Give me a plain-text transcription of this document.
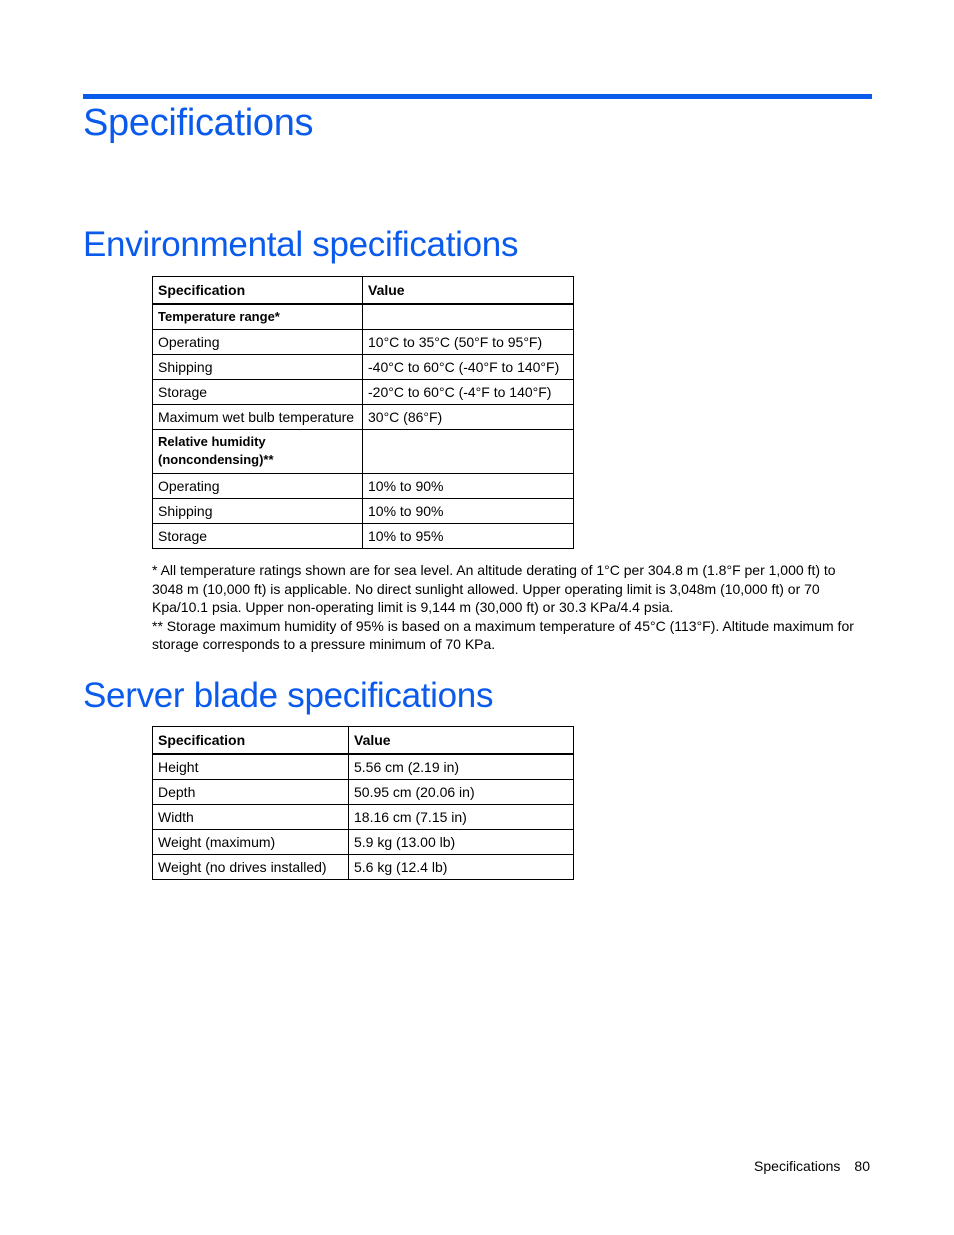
Specifications
Environmental specifications
Specification	Value
Temperature range*	
Operating	10°C to 35°C (50°F to 95°F)
Shipping	-40°C to 60°C (-40°F to 140°F)
Storage	-20°C to 60°C (-4°F to 140°F)
Maximum wet bulb temperature	30°C (86°F)
Relative humidity (noncondensing)**	
Operating	10% to 90%
Shipping	10% to 90%
Storage	10% to 95%

* All temperature ratings shown are for sea level. An altitude derating of 1°C per 304.8 m (1.8°F per 1,000 ft) to 3048 m (10,000 ft) is applicable. No direct sunlight allowed. Upper operating limit is 3,048m (10,000 ft) or 70 Kpa/10.1 psia. Upper non-operating limit is 9,144 m (30,000 ft) or 30.3 KPa/4.4 psia.

** Storage maximum humidity of 95% is based on a maximum temperature of 45°C (113°F). Altitude maximum for storage corresponds to a pressure minimum of 70 KPa.

Server blade specifications
Specification	Value
Height	5.56 cm (2.19 in)
Depth	50.95 cm (20.06 in)
Width	18.16 cm (7.15 in)
Weight (maximum)	5.9 kg (13.00 lb)
Weight (no drives installed)	5.6 kg (12.4 lb)
Specifications 80
